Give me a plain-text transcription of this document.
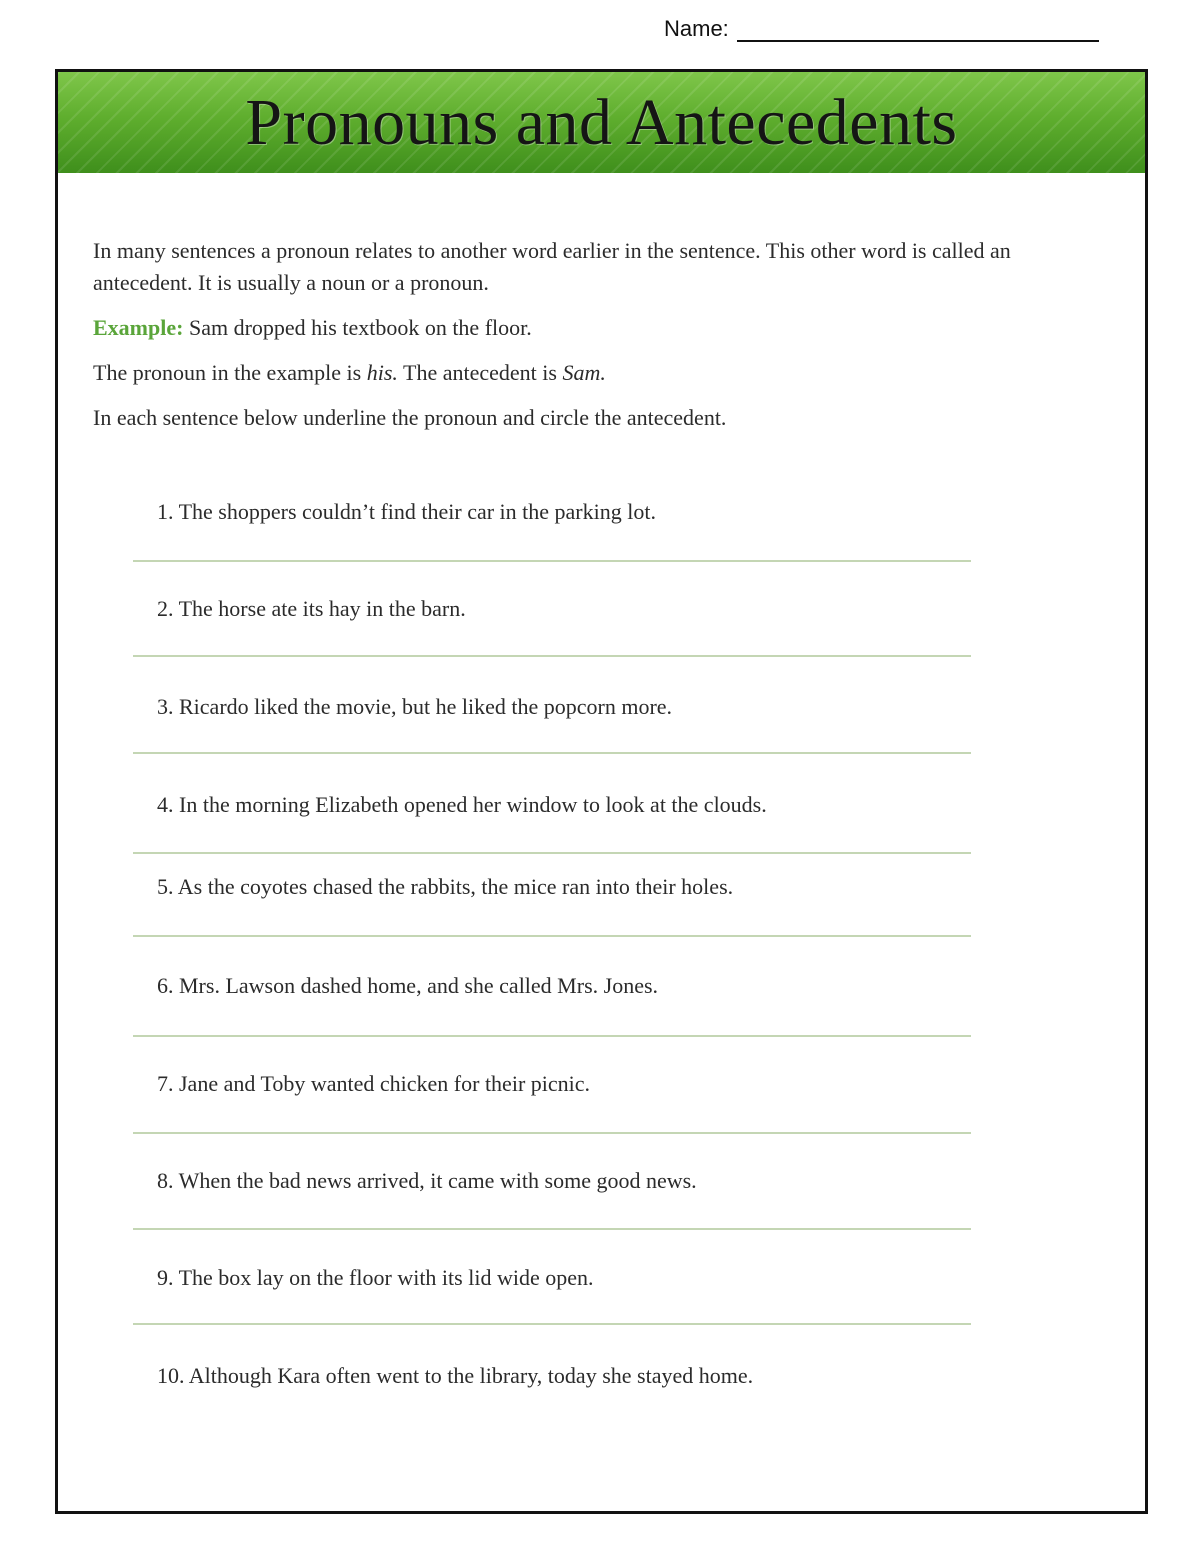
Name:
Pronouns and Antecedents

In many sentences a pronoun relates to another word earlier in the sentence. This other word is called an antecedent. It is usually a noun or a pronoun.

Example: Sam dropped his textbook on the floor.

The pronoun in the example is his. The antecedent is Sam.

In each sentence below underline the pronoun and circle the antecedent.

1. The shoppers couldn’t find their car in the parking lot.
2. The horse ate its hay in the barn.
3. Ricardo liked the movie, but he liked the popcorn more.
4. In the morning Elizabeth opened her window to look at the clouds.
5. As the coyotes chased the rabbits, the mice ran into their holes.
6. Mrs. Lawson dashed home, and she called Mrs. Jones.
7. Jane and Toby wanted chicken for their picnic.
8. When the bad news arrived, it came with some good news.
9. The box lay on the floor with its lid wide open.
10. Although Kara often went to the library, today she stayed home.
